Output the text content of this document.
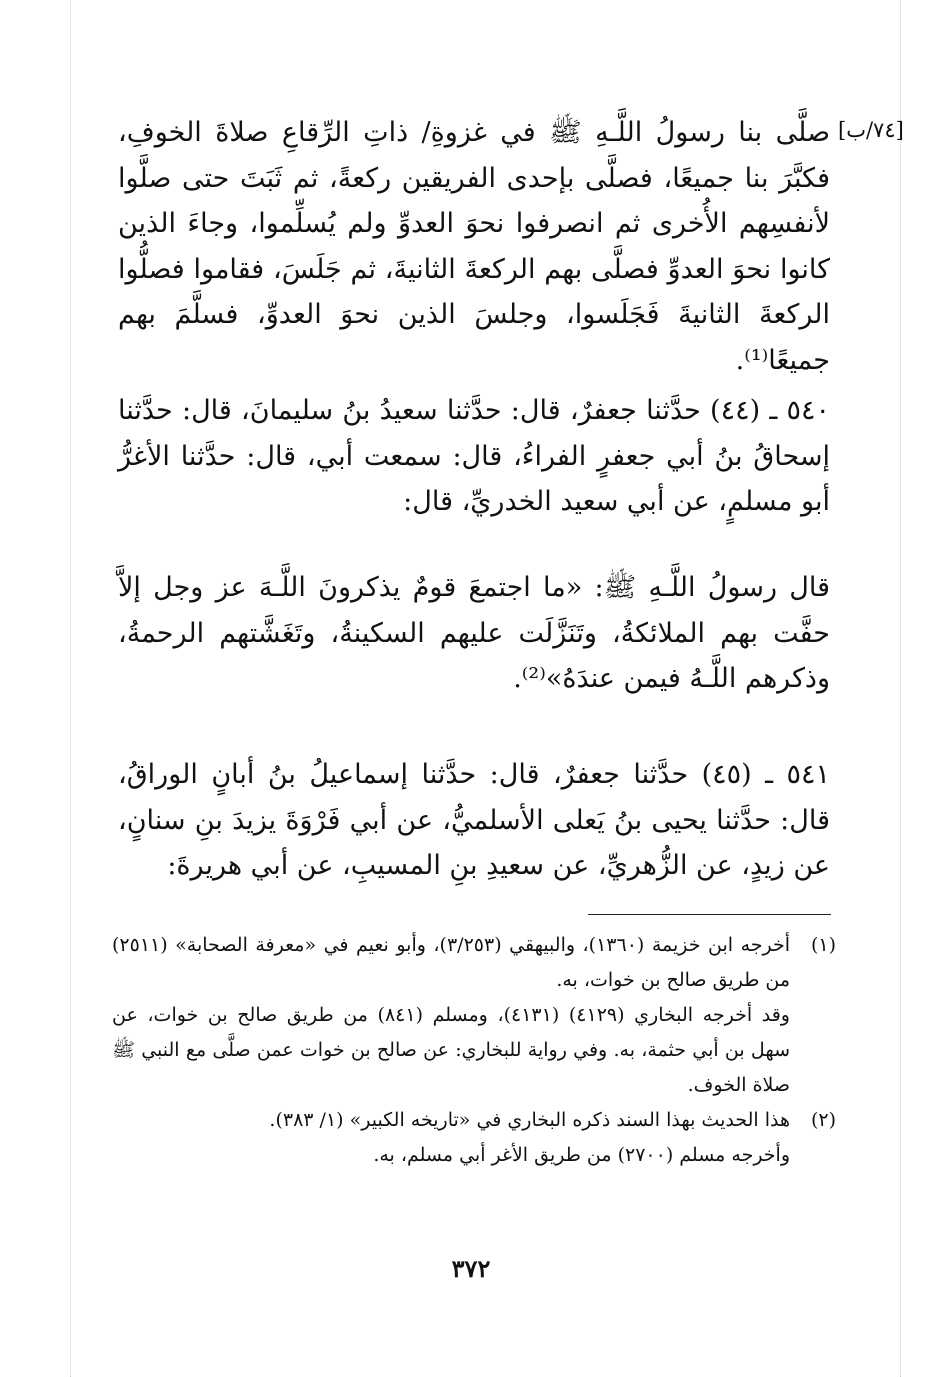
[٧٤/ب]
صلَّى بنا رسولُ اللَّـهِ ﷺ في غزوةِ/ ذاتِ الرِّقاعِ صلاةَ الخوفِ، فكبَّرَ بنا جميعًا، فصلَّى بإحدى الفريقين ركعةً، ثم ثَبَتَ حتى صلَّوا لأنفسِهم الأُخرى ثم انصرفوا نحوَ العدوِّ ولم يُسلِّموا، وجاءَ الذين كانوا نحوَ العدوِّ فصلَّى بهم الركعةَ الثانيةَ، ثم جَلَسَ، فقاموا فصلُّوا الركعةَ الثانيةَ فَجَلَسوا، وجلسَ الذين نحوَ العدوِّ، فسلَّمَ بهم جميعًا⁽¹⁾.
٥٤٠ ـ (٤٤) حدَّثنا جعفرٌ، قال: حدَّثنا سعيدُ بنُ سليمانَ، قال: حدَّثنا إسحاقُ بنُ أبي جعفرٍ الفراءُ، قال: سمعت أبي، قال: حدَّثنا الأغرُّ أبو مسلمٍ، عن أبي سعيد الخدريِّ، قال:
قال رسولُ اللَّـهِ ﷺ: «ما اجتمعَ قومٌ يذكرونَ اللَّـهَ عز وجل إلاَّ حفَّت بهم الملائكةُ، وتَنَزَّلَت عليهم السكينةُ، وتَغَشَّتهم الرحمةُ، وذكرهم اللَّـهُ فيمن عندَهُ»⁽²⁾.
٥٤١ ـ (٤٥) حدَّثنا جعفرٌ، قال: حدَّثنا إسماعيلُ بنُ أبانٍ الوراقُ، قال: حدَّثنا يحيى بنُ يَعلى الأسلميُّ، عن أبي فَرْوَةَ يزيدَ بنِ سنانٍ، عن زيدٍ، عن الزُّهريِّ، عن سعيدِ بنِ المسيبِ، عن أبي هريرةَ:
(١)

أخرجه ابن خزيمة (١٣٦٠)، والبيهقي (٣/٢٥٣)، وأبو نعيم في «معرفة الصحابة» (٢٥١١) من طريق صالح بن خوات، به.

وقد أخرجه البخاري (٤١٢٩) (٤١٣١)، ومسلم (٨٤١) من طريق صالح بن خوات، عن سهل بن أبي حثمة، به. وفي رواية للبخاري: عن صالح بن خوات عمن صلَّى مع النبي ﷺ صلاة الخوف.

(٢)

هذا الحديث بهذا السند ذكره البخاري في «تاريخه الكبير» (١/ ٣٨٣).

وأخرجه مسلم (٢٧٠٠) من طريق الأغر أبي مسلم، به.

٣٧٢
